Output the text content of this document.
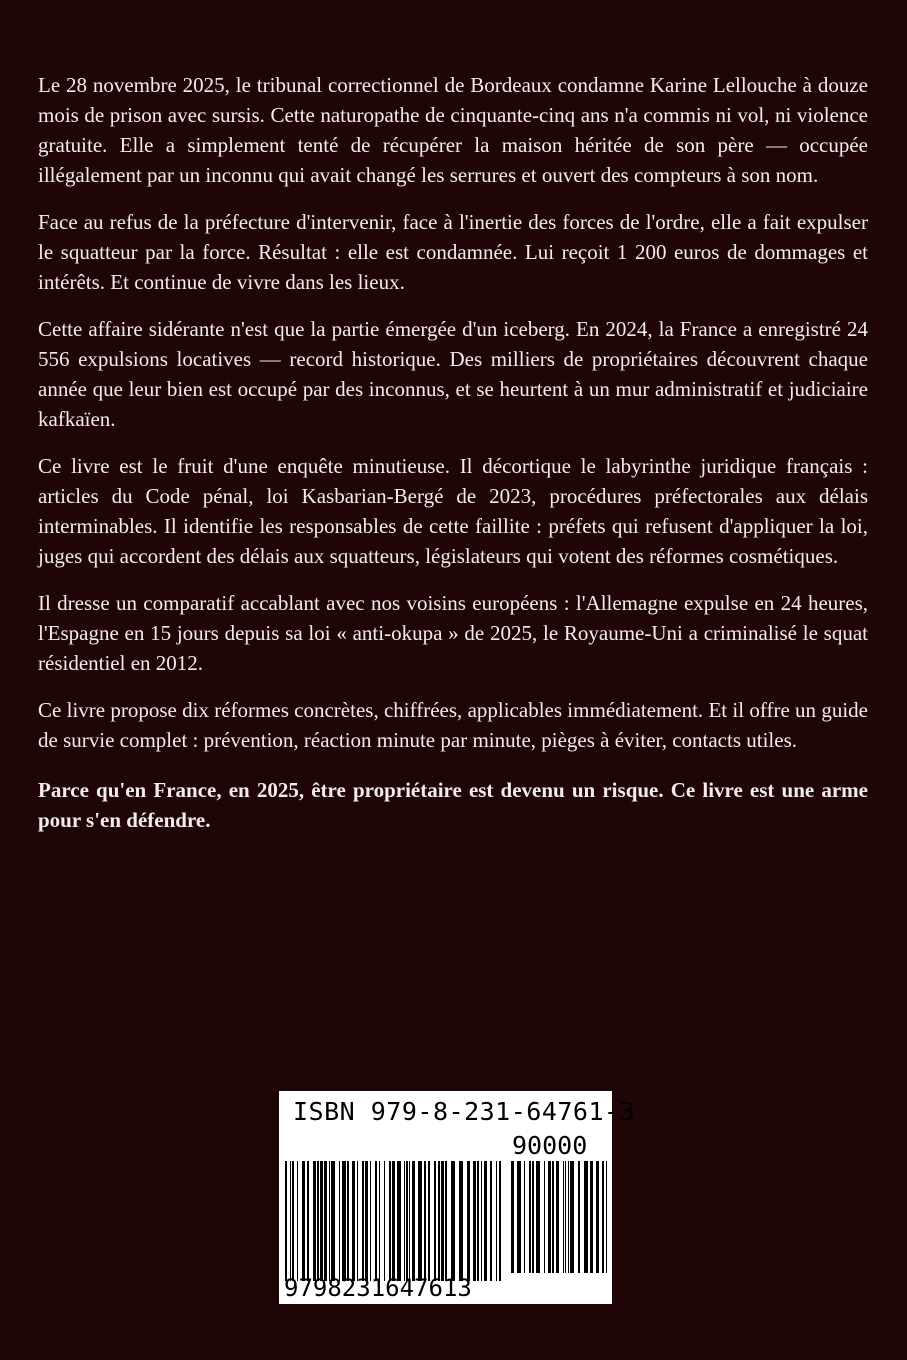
Le 28 novembre 2025, le tribunal correctionnel de Bordeaux condamne Karine Lellouche à douze mois de prison avec sursis. Cette naturopathe de cinquante-cinq ans n'a commis ni vol, ni violence gratuite. Elle a simplement tenté de récupérer la maison héritée de son père — occupée illégalement par un inconnu qui avait changé les serrures et ouvert des compteurs à son nom.

Face au refus de la préfecture d'intervenir, face à l'inertie des forces de l'ordre, elle a fait expulser le squatteur par la force. Résultat : elle est condamnée. Lui reçoit 1 200 euros de dommages et intérêts. Et continue de vivre dans les lieux.

Cette affaire sidérante n'est que la partie émergée d'un iceberg. En 2024, la France a enregistré 24 556 expulsions locatives — record historique. Des milliers de propriétaires découvrent chaque année que leur bien est occupé par des inconnus, et se heurtent à un mur administratif et judiciaire kafkaïen.

Ce livre est le fruit d'une enquête minutieuse. Il décortique le labyrinthe juridique français : articles du Code pénal, loi Kasbarian-Bergé de 2023, procédures préfectorales aux délais interminables. Il identifie les responsables de cette faillite : préfets qui refusent d'appliquer la loi, juges qui accordent des délais aux squatteurs, législateurs qui votent des réformes cosmétiques.

Il dresse un comparatif accablant avec nos voisins européens : l'Allemagne expulse en 24 heures, l'Espagne en 15 jours depuis sa loi « anti-okupa » de 2025, le Royaume-Uni a criminalisé le squat résidentiel en 2012.

Ce livre propose dix réformes concrètes, chiffrées, applicables immédiatement. Et il offre un guide de survie complet : prévention, réaction minute par minute, pièges à éviter, contacts utiles.

Parce qu'en France, en 2025, être propriétaire est devenu un risque. Ce livre est une arme pour s'en défendre.

ISBN 979-8-231-64761-3
90000
9798231647613
